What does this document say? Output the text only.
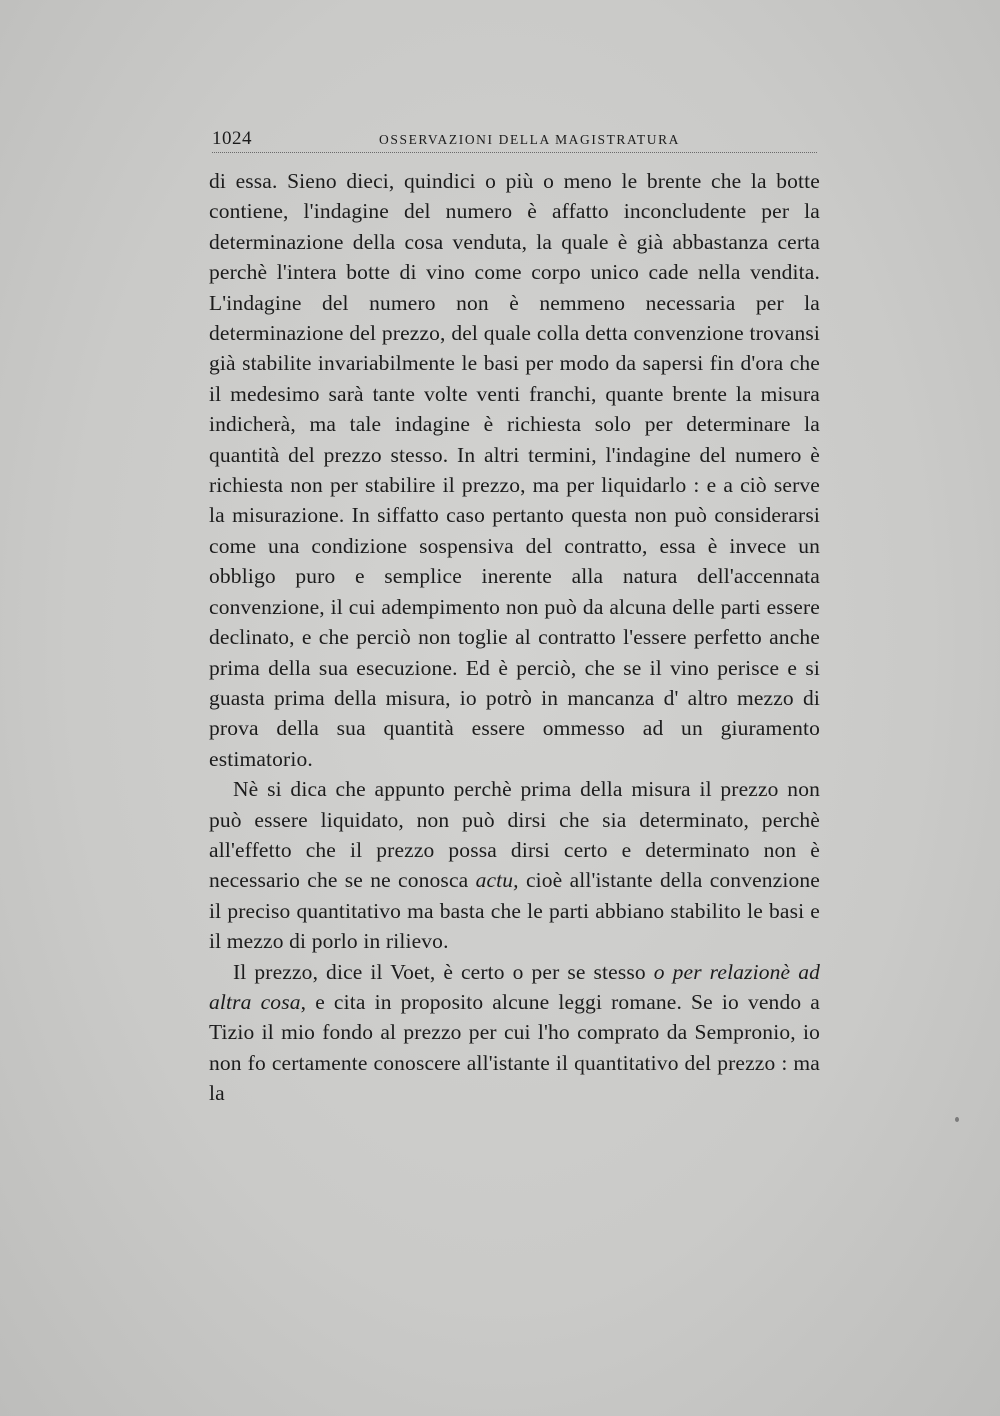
1024	OSSERVAZIONI DELLA MAGISTRATURA

di essa. Sieno dieci, quindici o più o meno le brente che la botte contiene, l'indagine del numero è affatto inconcludente per la determinazione della cosa venduta, la quale è già abbastanza certa perchè l'intera botte di vino come corpo unico cade nella vendita. L'indagine del numero non è nemmeno necessaria per la determinazione del prezzo, del quale colla detta convenzione trovansi già stabilite invariabilmente le basi per modo da sapersi fin d'ora che il medesimo sarà tante volte venti franchi, quante brente la misura indicherà, ma tale indagine è richiesta solo per determinare la quantità del prezzo stesso. In altri termini, l'indagine del numero è richiesta non per stabilire il prezzo, ma per liquidarlo : e a ciò serve la misurazione. In siffatto caso pertanto questa non può considerarsi come una condizione sospensiva del contratto, essa è invece un obbligo puro e semplice inerente alla natura dell'accennata convenzione, il cui adempimento non può da alcuna delle parti essere declinato, e che perciò non toglie al contratto l'essere perfetto anche prima della sua esecuzione. Ed è perciò, che se il vino perisce e si guasta prima della misura, io potrò in mancanza d' altro mezzo di prova della sua quantità essere ommesso ad un giuramento estimatorio.

Nè si dica che appunto perchè prima della misura il prezzo non può essere liquidato, non può dirsi che sia determinato, perchè all'effetto che il prezzo possa dirsi certo e determinato non è necessario che se ne conosca actu, cioè all'istante della convenzione il preciso quantitativo ma basta che le parti abbiano stabilito le basi e il mezzo di porlo in rilievo.

Il prezzo, dice il Voet, è certo o per se stesso o per relazionè ad altra cosa, e cita in proposito alcune leggi romane. Se io vendo a Tizio il mio fondo al prezzo per cui l'ho comprato da Sempronio, io non fo certamente conoscere all'istante il quantitativo del prezzo : ma la
